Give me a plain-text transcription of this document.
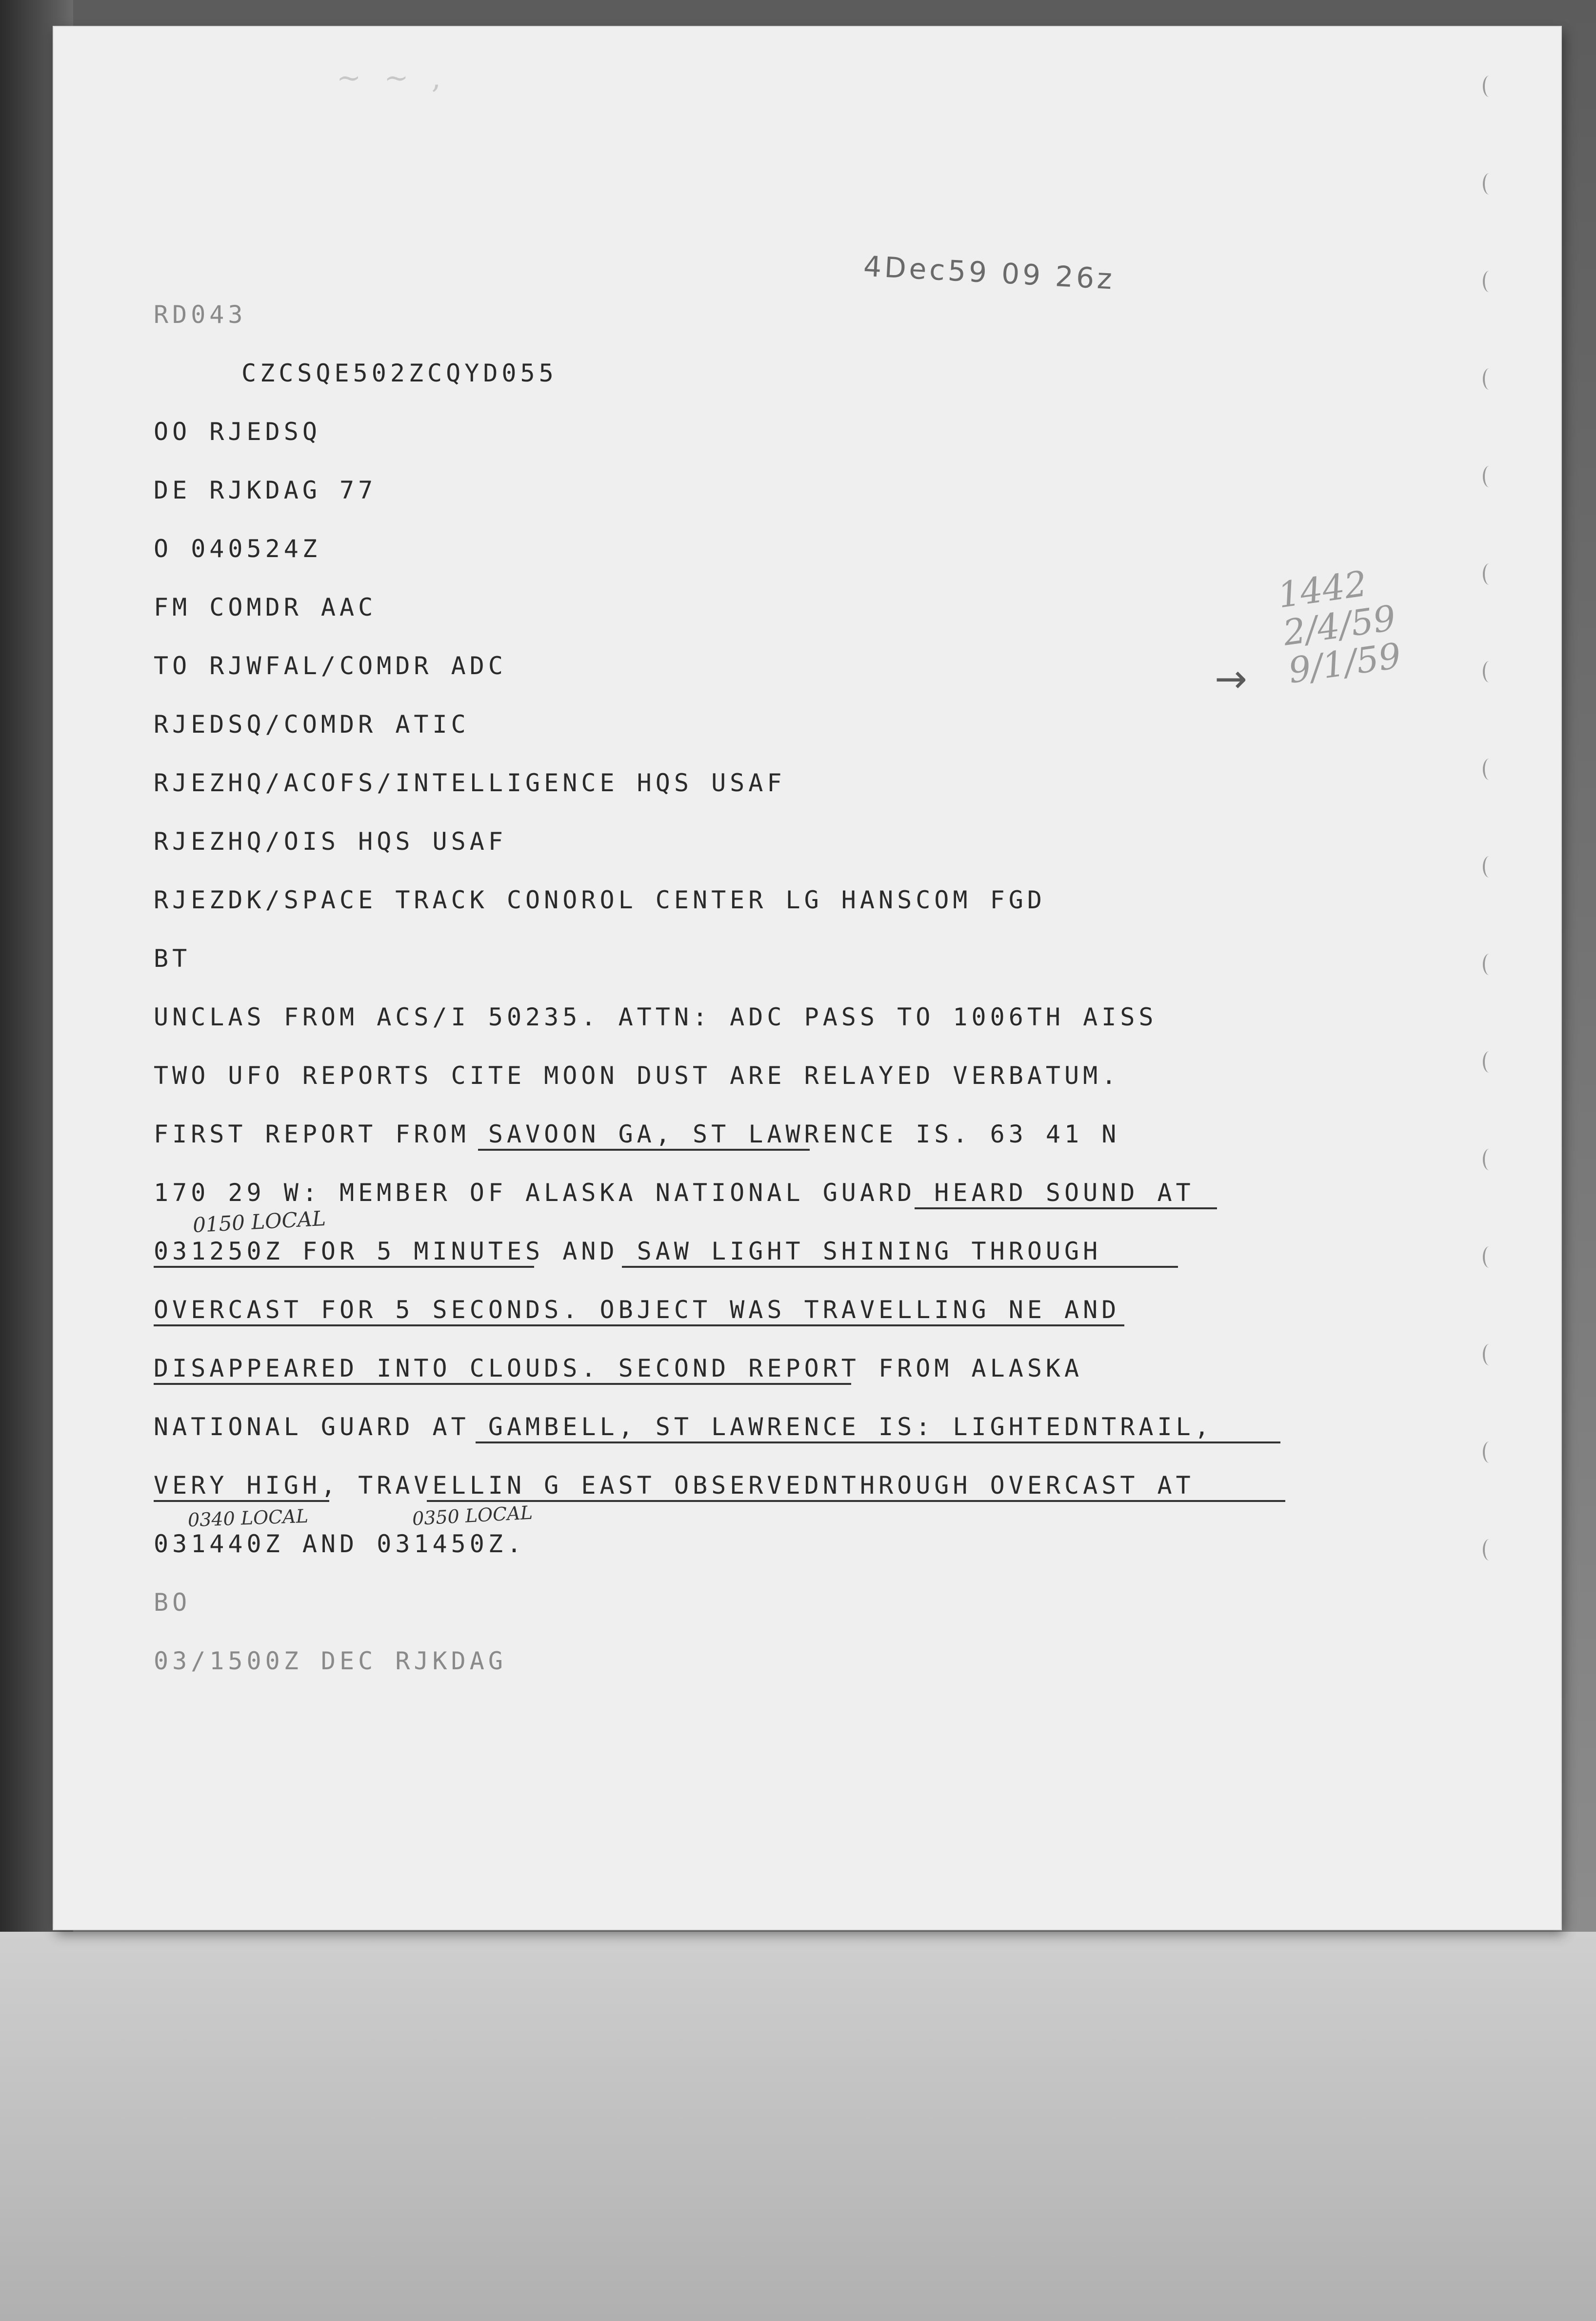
~ ~ ,
4Dec59 09 26z
→
1442
2/4/59
9/1/59
RD043
CZCSQE502ZCQYD055
OO RJEDSQ
DE RJKDAG 77
O 040524Z
FM COMDR AAC
TO RJWFAL/COMDR ADC
RJEDSQ/COMDR ATIC
RJEZHQ/ACOFS/INTELLIGENCE HQS USAF
RJEZHQ/OIS HQS USAF
RJEZDK/SPACE TRACK CONOROL CENTER LG HANSCOM FGD
BT
UNCLAS FROM ACS/I 50235. ATTN: ADC PASS TO 1006TH AISS
TWO UFO REPORTS CITE MOON DUST ARE RELAYED VERBATUM.
FIRST REPORT FROM SAVOON GA, ST LAWRENCE IS. 63 41 N
170 29 W: MEMBER OF ALASKA NATIONAL GUARD HEARD SOUND AT
031250Z FOR 5 MINUTES AND SAW LIGHT SHINING THROUGH
OVERCAST FOR 5 SECONDS. OBJECT WAS TRAVELLING NE AND
DISAPPEARED INTO CLOUDS. SECOND REPORT FROM ALASKA
NATIONAL GUARD AT GAMBELL, ST LAWRENCE IS: LIGHTEDNTRAIL,
VERY HIGH, TRAVELLIN G EAST OBSERVEDNTHROUGH OVERCAST AT
031440Z AND 031450Z.
BO
03/1500Z DEC RJKDAG
0150 LOCAL
0340 LOCAL	0350 LOCAL
